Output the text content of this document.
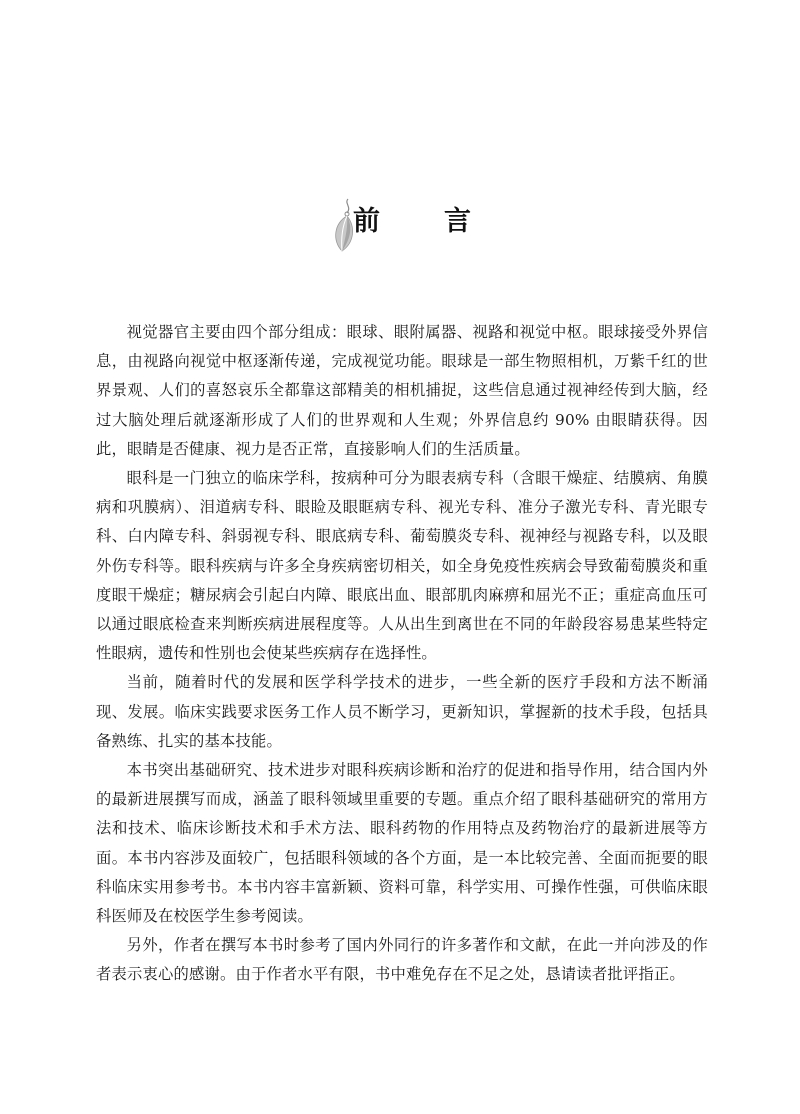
前 言

视觉器官主要由四个部分组成：眼球、眼附属器、视路和视觉中枢。眼球接受外界信息，由视路向视觉中枢逐渐传递，完成视觉功能。眼球是一部生物照相机，万紫千红的世界景观、人们的喜怒哀乐全都靠这部精美的相机捕捉，这些信息通过视神经传到大脑，经过大脑处理后就逐渐形成了人们的世界观和人生观；外界信息约 90% 由眼睛获得。因此，眼睛是否健康、视力是否正常，直接影响人们的生活质量。

眼科是一门独立的临床学科，按病种可分为眼表病专科（含眼干燥症、结膜病、角膜病和巩膜病）、泪道病专科、眼睑及眼眶病专科、视光专科、准分子激光专科、青光眼专科、白内障专科、斜弱视专科、眼底病专科、葡萄膜炎专科、视神经与视路专科，以及眼外伤专科等。眼科疾病与许多全身疾病密切相关，如全身免疫性疾病会导致葡萄膜炎和重度眼干燥症；糖尿病会引起白内障、眼底出血、眼部肌肉麻痹和屈光不正；重症高血压可以通过眼底检查来判断疾病进展程度等。人从出生到离世在不同的年龄段容易患某些特定性眼病，遗传和性别也会使某些疾病存在选择性。

当前，随着时代的发展和医学科学技术的进步，一些全新的医疗手段和方法不断涌现、发展。临床实践要求医务工作人员不断学习，更新知识，掌握新的技术手段，包括具备熟练、扎实的基本技能。

本书突出基础研究、技术进步对眼科疾病诊断和治疗的促进和指导作用，结合国内外的最新进展撰写而成，涵盖了眼科领域里重要的专题。重点介绍了眼科基础研究的常用方法和技术、临床诊断技术和手术方法、眼科药物的作用特点及药物治疗的最新进展等方面。本书内容涉及面较广，包括眼科领域的各个方面，是一本比较完善、全面而扼要的眼科临床实用参考书。本书内容丰富新颖、资料可靠，科学实用、可操作性强，可供临床眼科医师及在校医学生参考阅读。

另外，作者在撰写本书时参考了国内外同行的许多著作和文献，在此一并向涉及的作者表示衷心的感谢。由于作者水平有限，书中难免存在不足之处，恳请读者批评指正。
